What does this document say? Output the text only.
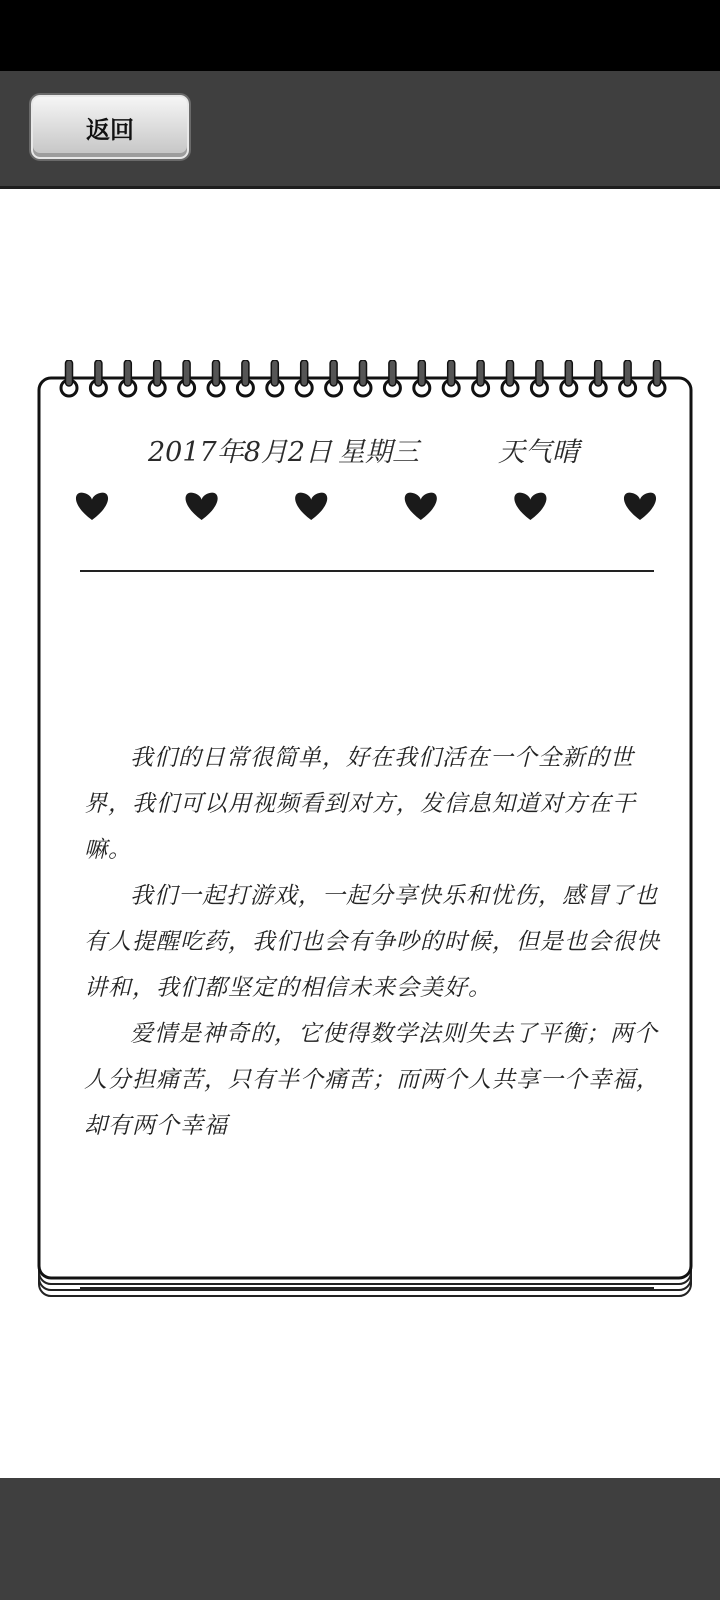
返回
2017年8月2日 星期三	天气晴

我们的日常很简单，好在我们活在一个全新的世界，我们可以用视频看到对方，发信息知道对方在干嘛。

我们一起打游戏，一起分享快乐和忧伤，感冒了也有人提醒吃药，我们也会有争吵的时候，但是也会很快讲和，我们都坚定的相信未来会美好。

爱情是神奇的，它使得数学法则失去了平衡；两个人分担痛苦，只有半个痛苦；而两个人共享一个幸福，却有两个幸福
